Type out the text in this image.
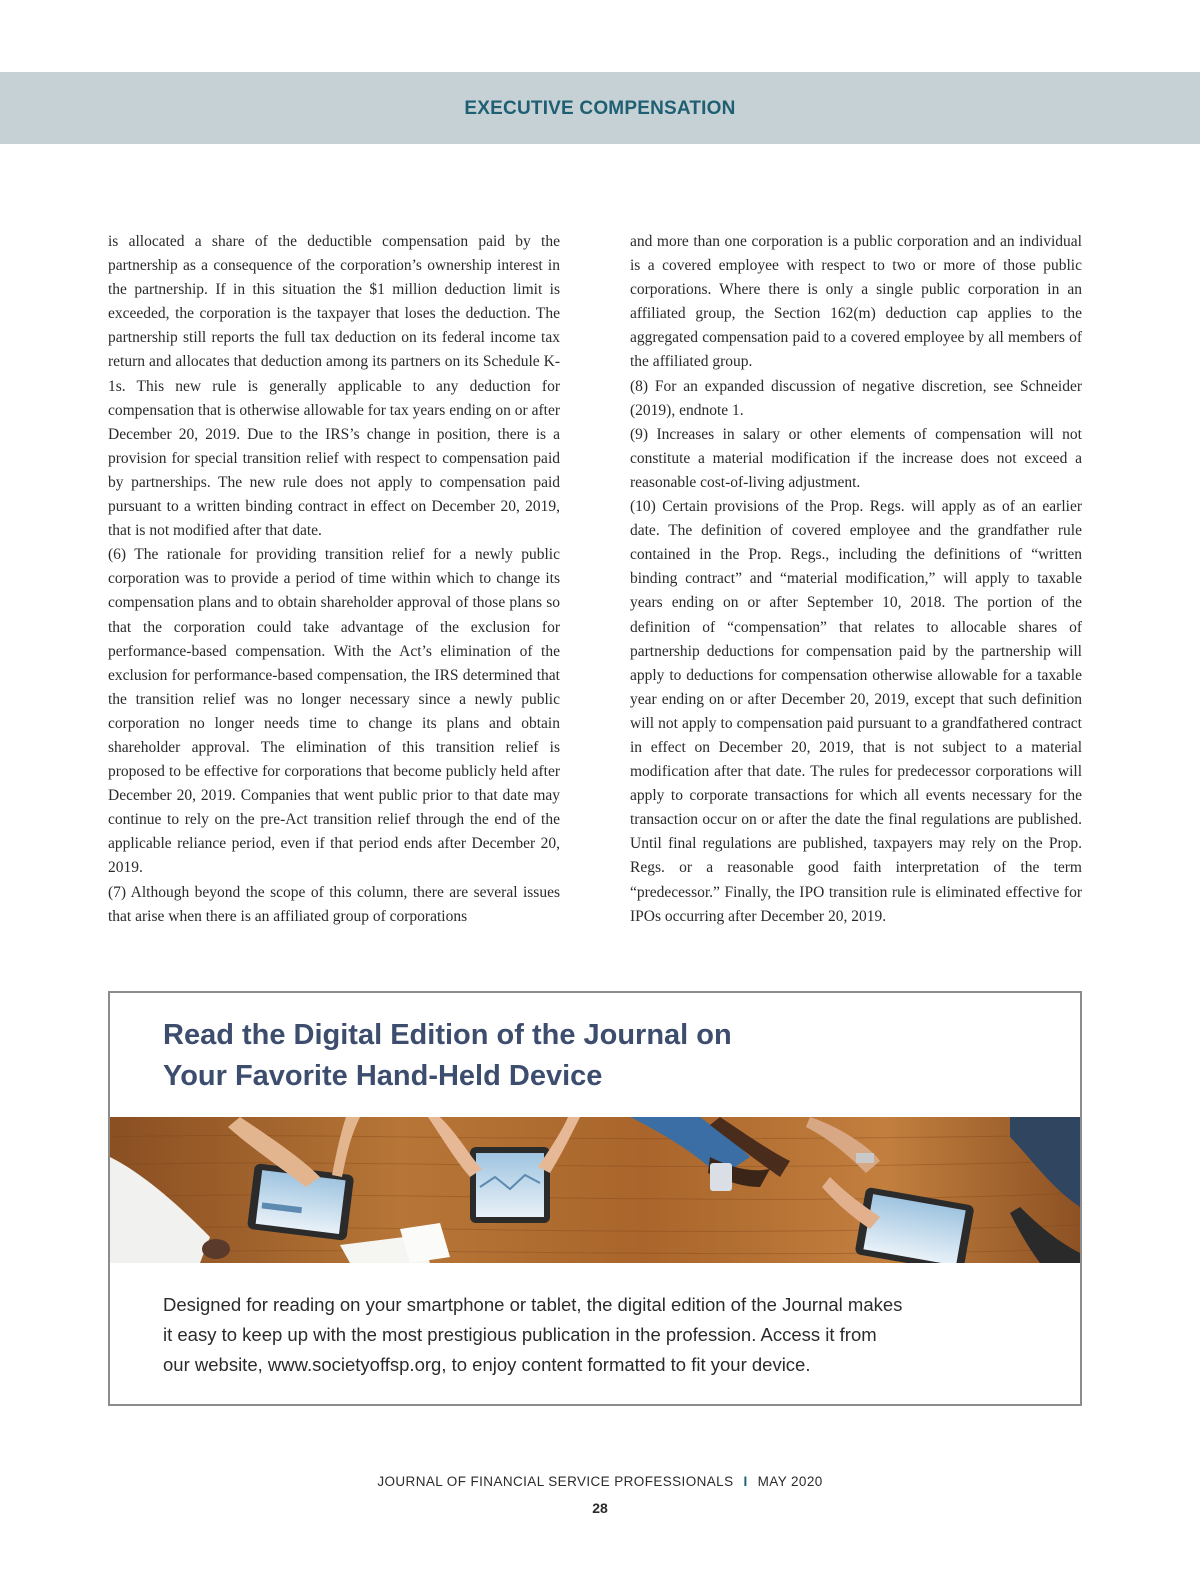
EXECUTIVE COMPENSATION

is allocated a share of the deductible compensation paid by the partnership as a consequence of the corporation’s ownership interest in the partnership. If in this situation the $1 million deduction limit is exceeded, the corporation is the taxpayer that loses the deduction. The partnership still reports the full tax deduction on its federal income tax return and allocates that deduction among its partners on its Schedule K-1s. This new rule is generally applicable to any deduction for compensation that is otherwise allowable for tax years ending on or after December 20, 2019. Due to the IRS’s change in position, there is a provision for special transition relief with respect to compensation paid by partnerships. The new rule does not apply to compensation paid pursuant to a written binding contract in effect on December 20, 2019, that is not modified after that date.

(6) The rationale for providing transition relief for a newly public corporation was to provide a period of time within which to change its compensation plans and to obtain shareholder approval of those plans so that the corporation could take advantage of the exclusion for performance-based compensation. With the Act’s elimination of the exclusion for performance-based compensation, the IRS determined that the transition relief was no longer necessary since a newly public corporation no longer needs time to change its plans and obtain shareholder approval. The elimination of this transition relief is proposed to be effective for corporations that become publicly held after December 20, 2019. Companies that went public prior to that date may continue to rely on the pre-Act transition relief through the end of the applicable reliance period, even if that period ends after December 20, 2019.

(7) Although beyond the scope of this column, there are several issues that arise when there is an affiliated group of corporations

and more than one corporation is a public corporation and an individual is a covered employee with respect to two or more of those public corporations. Where there is only a single public corporation in an affiliated group, the Section 162(m) deduction cap applies to the aggregated compensation paid to a covered employee by all members of the affiliated group.

(8) For an expanded discussion of negative discretion, see Schneider (2019), endnote 1.

(9) Increases in salary or other elements of compensation will not constitute a material modification if the increase does not exceed a reasonable cost-of-living adjustment.

(10) Certain provisions of the Prop. Regs. will apply as of an earlier date. The definition of covered employee and the grandfather rule contained in the Prop. Regs., including the definitions of “written binding contract” and “material modification,” will apply to taxable years ending on or after September 10, 2018. The portion of the definition of “compensation” that relates to allocable shares of partnership deductions for compensation paid by the partnership will apply to deductions for compensation otherwise allowable for a taxable year ending on or after December 20, 2019, except that such definition will not apply to compensation paid pursuant to a grandfathered contract in effect on December 20, 2019, that is not subject to a material modification after that date. The rules for predecessor corporations will apply to corporate transactions for which all events necessary for the transaction occur on or after the date the final regulations are published. Until final regulations are published, taxpayers may rely on the Prop. Regs. or a reasonable good faith interpretation of the term “predecessor.” Finally, the IPO transition rule is eliminated effective for IPOs occurring after December 20, 2019.

Read the Digital Edition of the Journal on
Your Favorite Hand-Held Device
Designed for reading on your smartphone or tablet, the digital edition of the Journal makes
it easy to keep up with the most prestigious publication in the profession. Access it from
our website, www.societyoffsp.org, to enjoy content formatted to fit your device.
JOURNAL OF FINANCIAL SERVICE PROFESSIONALS I MAY 2020
28
